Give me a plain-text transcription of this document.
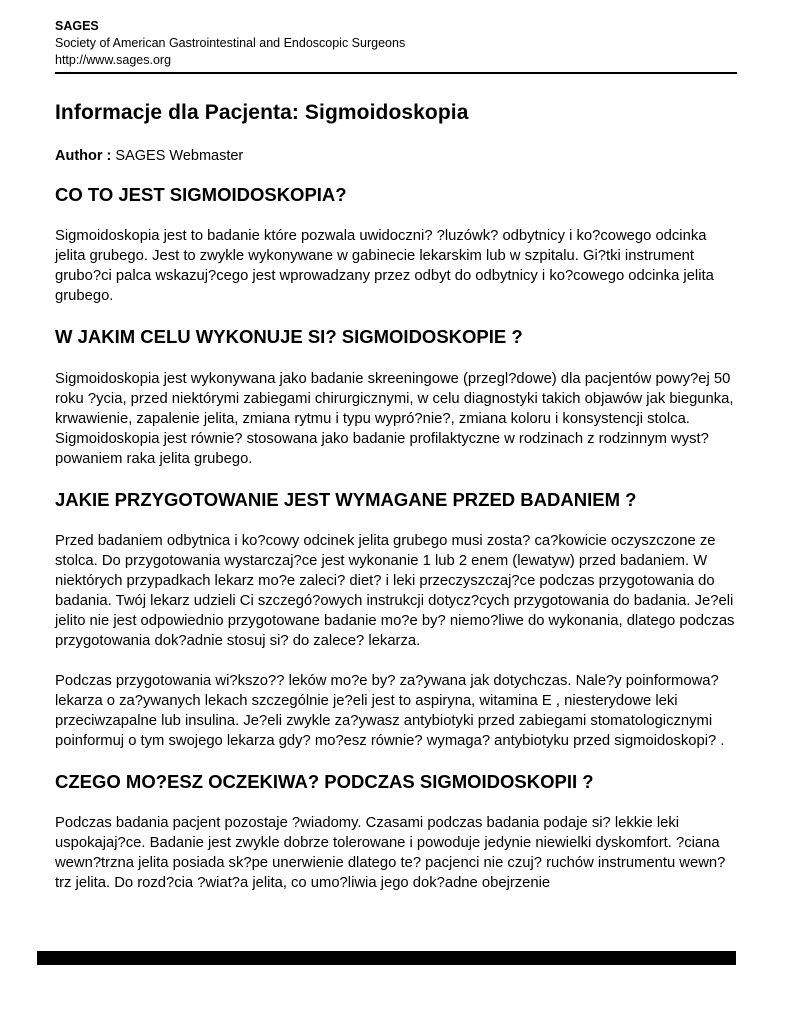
SAGES

Society of American Gastrointestinal and Endoscopic Surgeons

http://www.sages.org

Informacje dla Pacjenta: Sigmoidoskopia

Author : SAGES Webmaster

CO TO JEST SIGMOIDOSKOPIA?

Sigmoidoskopia jest to badanie które pozwala uwidoczni? ?luzówk? odbytnicy i ko?cowego odcinka jelita grubego. Jest to zwykle wykonywane w gabinecie lekarskim lub w szpitalu. Gi?tki instrument grubo?ci palca wskazuj?cego jest wprowadzany przez odbyt do odbytnicy i ko?cowego odcinka jelita grubego.

W JAKIM CELU WYKONUJE SI? SIGMOIDOSKOPIE ?

Sigmoidoskopia jest wykonywana jako badanie skreeningowe (przegl?dowe) dla pacjentów powy?ej 50 roku ?ycia, przed niektórymi zabiegami chirurgicznymi, w celu diagnostyki takich objawów jak biegunka, krwawienie, zapalenie jelita, zmiana rytmu i typu wypró?nie?, zmiana koloru i konsystencji stolca. Sigmoidoskopia jest równie? stosowana jako badanie profilaktyczne w rodzinach z rodzinnym wyst?powaniem raka jelita grubego.

JAKIE PRZYGOTOWANIE JEST WYMAGANE PRZED BADANIEM ?

Przed badaniem odbytnica i ko?cowy odcinek jelita grubego musi zosta? ca?kowicie oczyszczone ze stolca. Do przygotowania wystarczaj?ce jest wykonanie 1 lub 2 enem (lewatyw) przed badaniem. W niektórych przypadkach lekarz mo?e zaleci? diet? i leki przeczyszczaj?ce podczas przygotowania do badania. Twój lekarz udzieli Ci szczegó?owych instrukcji dotycz?cych przygotowania do badania. Je?eli jelito nie jest odpowiednio przygotowane badanie mo?e by? niemo?liwe do wykonania, dlatego podczas przygotowania dok?adnie stosuj si? do zalece? lekarza.

Podczas przygotowania wi?kszo?? leków mo?e by? za?ywana jak dotychczas. Nale?y poinformowa? lekarza o za?ywanych lekach szczególnie je?eli jest to aspiryna, witamina E , niesterydowe leki przeciwzapalne lub insulina. Je?eli zwykle za?ywasz antybiotyki przed zabiegami stomatologicznymi poinformuj o tym swojego lekarza gdy? mo?esz równie? wymaga? antybiotyku przed sigmoidoskopi? .

CZEGO MO?ESZ OCZEKIWA? PODCZAS SIGMOIDOSKOPII ?

Podczas badania pacjent pozostaje ?wiadomy. Czasami podczas badania podaje si? lekkie leki uspokajaj?ce. Badanie jest zwykle dobrze tolerowane i powoduje jedynie niewielki dyskomfort. ?ciana wewn?trzna jelita posiada sk?pe unerwienie dlatego te? pacjenci nie czuj? ruchów instrumentu wewn?trz jelita. Do rozd?cia ?wiat?a jelita, co umo?liwia jego dok?adne obejrzenie
